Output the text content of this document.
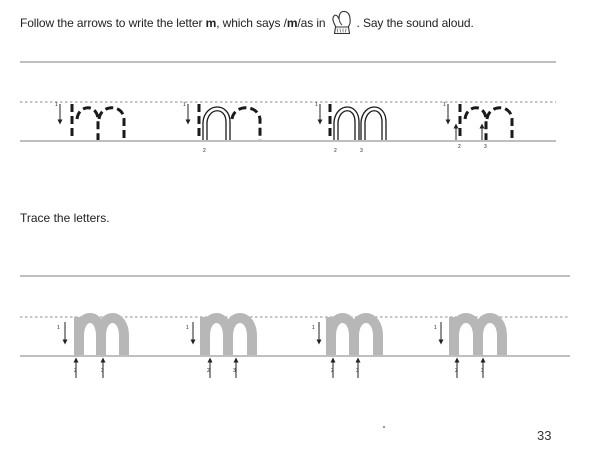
Follow the arrows to write the letter
m , which says / m /as in	. Say the sound aloud.
1	1
2
1
2	3
1
2	3
1
2	3
1
2	3
1
2	3
1
2	3
Trace the letters.
33
